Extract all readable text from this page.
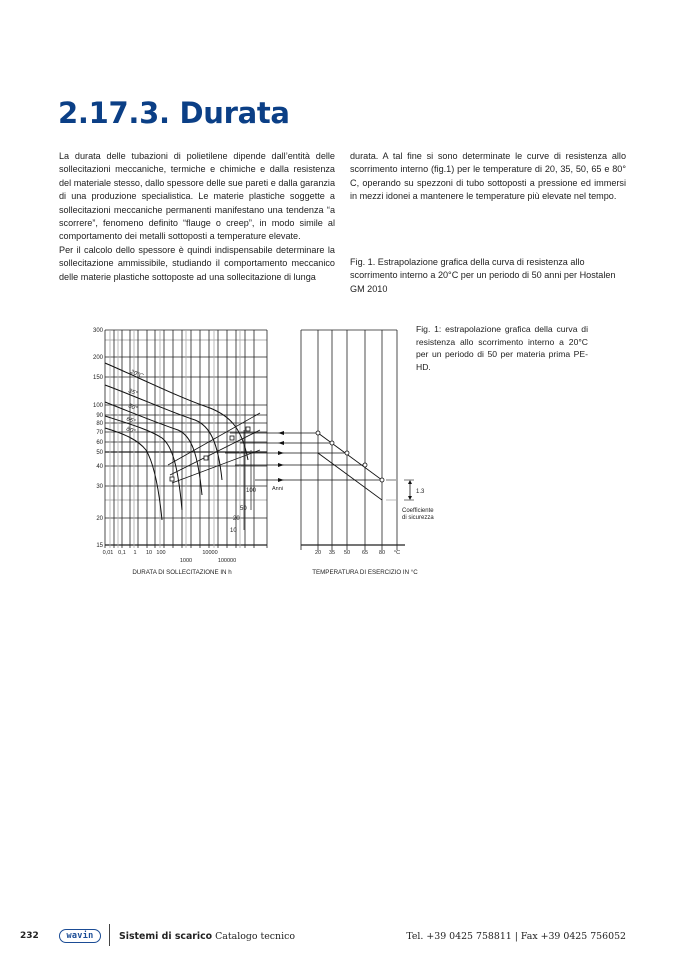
2.17.3. Durata

La durata delle tubazioni di polietilene dipende dall’entità delle sollecitazioni meccaniche, termiche e chimiche e dalla resistenza del materiale stesso, dallo spessore delle sue pareti e dalla garanzia di una produzione specialistica. Le materie plastiche soggette a sollecitazioni meccaniche permanenti manifestano una tendenza “a scorrere”, fenomeno definito “flauge o creep”, in modo simile al comportamento dei metalli sottoposti a temperature elevate.

Per il calcolo dello spessore è quindi indispensabile determinare la sollecitazione ammissibile, studiando il comportamento meccanico delle materie plastiche sottoposte ad una sollecitazione di lunga

durata. A tal fine si sono determinate le curve di resistenza allo scorrimento interno (fig.1) per le temperature di 20, 35, 50, 65 e 80° C, operando su spezzoni di tubo sottoposti a pressione ed immersi in mezzi idonei a mantenere le temperature più elevate nel tempo.

Fig. 1. Estrapolazione grafica della curva di resistenza allo scorrimento interno a 20°C per un periodo di 50 anni per Hostalen GM 2010
Fig. 1: estrapolazione grafica della curva di resistenza allo scorrimento interno a 20°C per un periodo di 50 per materia prima PE-HD.
300
200
150
100
90
80
70
60
50
40
30
20
15
0,01 0,1 1 10 100	10000
1000	100000
DURATA DI SOLLECITAZIONE IN h
20°C
35°
50°
65°
80°
100
50
20
10
Anni	1.3
Coefficiente
di sicurezza
20 35 50 65 80 °C
TEMPERATURA DI ESERCIZIO IN °C
232	wavin	Sistemi di scarico Catalogo tecnico	Tel. +39 0425 758811 | Fax +39 0425 756052
